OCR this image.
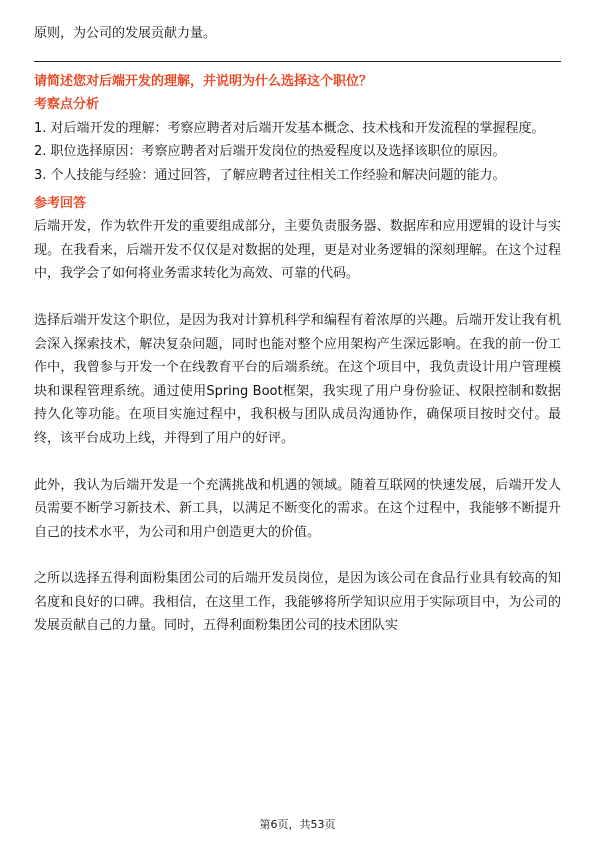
原则，为公司的发展贡献力量。

请简述您对后端开发的理解，并说明为什么选择这个职位？

考察点分析

1. 对后端开发的理解：考察应聘者对后端开发基本概念、技术栈和开发流程的掌握程度。

2. 职位选择原因：考察应聘者对后端开发岗位的热爱程度以及选择该职位的原因。

3. 个人技能与经验：通过回答，了解应聘者过往相关工作经验和解决问题的能力。

参考回答

后端开发，作为软件开发的重要组成部分，主要负责服务器、数据库和应用逻辑的设计与实现。在我看来，后端开发不仅仅是对数据的处理，更是对业务逻辑的深刻理解。在这个过程中，我学会了如何将业务需求转化为高效、可靠的代码。

选择后端开发这个职位，是因为我对计算机科学和编程有着浓厚的兴趣。后端开发让我有机会深入探索技术，解决复杂问题，同时也能对整个应用架构产生深远影响。在我的前一份工作中，我曾参与开发一个在线教育平台的后端系统。在这个项目中，我负责设计用户管理模块和课程管理系统。通过使用Spring Boot框架，我实现了用户身份验证、权限控制和数据持久化等功能。在项目实施过程中，我积极与团队成员沟通协作，确保项目按时交付。最终，该平台成功上线，并得到了用户的好评。

此外，我认为后端开发是一个充满挑战和机遇的领域。随着互联网的快速发展，后端开发人员需要不断学习新技术、新工具，以满足不断变化的需求。在这个过程中，我能够不断提升自己的技术水平，为公司和用户创造更大的价值。

之所以选择五得利面粉集团公司的后端开发员岗位，是因为该公司在食品行业具有较高的知名度和良好的口碑。我相信，在这里工作，我能够将所学知识应用于实际项目中，为公司的发展贡献自己的力量。同时，五得利面粉集团公司的技术团队实

第6页，共53页
